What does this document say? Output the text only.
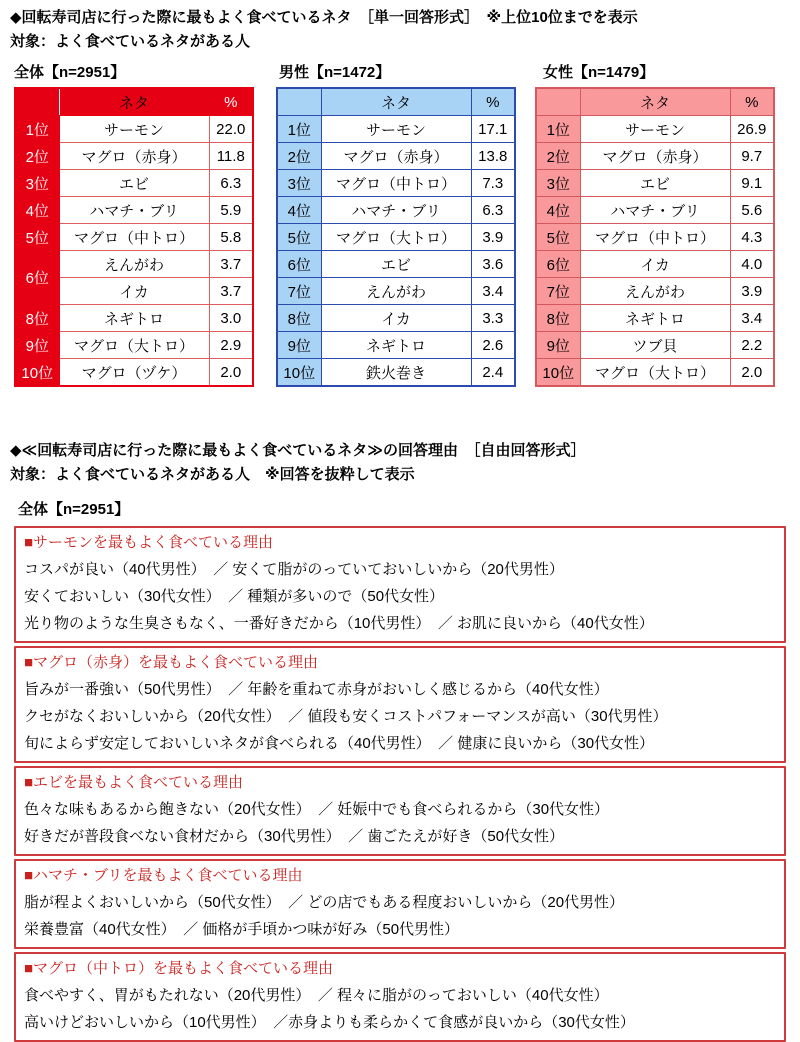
◆回転寿司店に行った際に最もよく食べているネタ　［単一回答形式］　※上位10位までを表示
対象：よく食べているネタがある人
全体【n=2951】	男性【n=1472】	女性【n=1479】
	ネタ	%
1位	サーモン	22.0
2位	マグロ（赤身）	11.8
3位	エビ	6.3
4位	ハマチ・ブリ	5.9
5位	マグロ（中トロ）	5.8
6位	えんがわ	3.7
	イカ	3.7
8位	ネギトロ	3.0
9位	マグロ（大トロ）	2.9
10位	マグロ（ヅケ）	2.0
	ネタ	%
1位	サーモン	17.1
2位	マグロ（赤身）	13.8
3位	マグロ（中トロ）	7.3
4位	ハマチ・ブリ	6.3
5位	マグロ（大トロ）	3.9
6位	エビ	3.6
7位	えんがわ	3.4
8位	イカ	3.3
9位	ネギトロ	2.6
10位	鉄火巻き	2.4
	ネタ	%
1位	サーモン	26.9
2位	マグロ（赤身）	9.7
3位	エビ	9.1
4位	ハマチ・ブリ	5.6
5位	マグロ（中トロ）	4.3
6位	イカ	4.0
7位	えんがわ	3.9
8位	ネギトロ	3.4
9位	ツブ貝	2.2
10位	マグロ（大トロ）	2.0
◆≪回転寿司店に行った際に最もよく食べているネタ≫の回答理由　［自由回答形式］
対象：よく食べているネタがある人　※回答を抜粋して表示
全体【n=2951】
■サーモンを最もよく食べている理由
コスパが良い（40代男性）　／ 安くて脂がのっていておいしいから（20代男性）
安くておいしい（30代女性）　／ 種類が多いので（50代女性）
光り物のような生臭さもなく、一番好きだから（10代男性）　／ お肌に良いから（40代女性）
■マグロ（赤身）を最もよく食べている理由
旨みが一番強い（50代男性）　／ 年齢を重ねて赤身がおいしく感じるから（40代女性）
クセがなくおいしいから（20代女性）　／ 値段も安くコストパフォーマンスが高い（30代男性）
旬によらず安定しておいしいネタが食べられる（40代男性）　／ 健康に良いから（30代女性）
■エビを最もよく食べている理由
色々な味もあるから飽きない（20代女性）　／ 妊娠中でも食べられるから（30代女性）
好きだが普段食べない食材だから（30代男性）　／ 歯ごたえが好き（50代女性）
■ハマチ・ブリを最もよく食べている理由
脂が程よくおいしいから（50代女性）　／ どの店でもある程度おいしいから（20代男性）
栄養豊富（40代女性）　／ 価格が手頃かつ味が好み（50代男性）
■マグロ（中トロ）を最もよく食べている理由
食べやすく、胃がもたれない（20代男性）　／ 程々に脂がのっておいしい（40代女性）
高いけどおいしいから（10代男性）　／赤身よりも柔らかくて食感が良いから（30代女性）
